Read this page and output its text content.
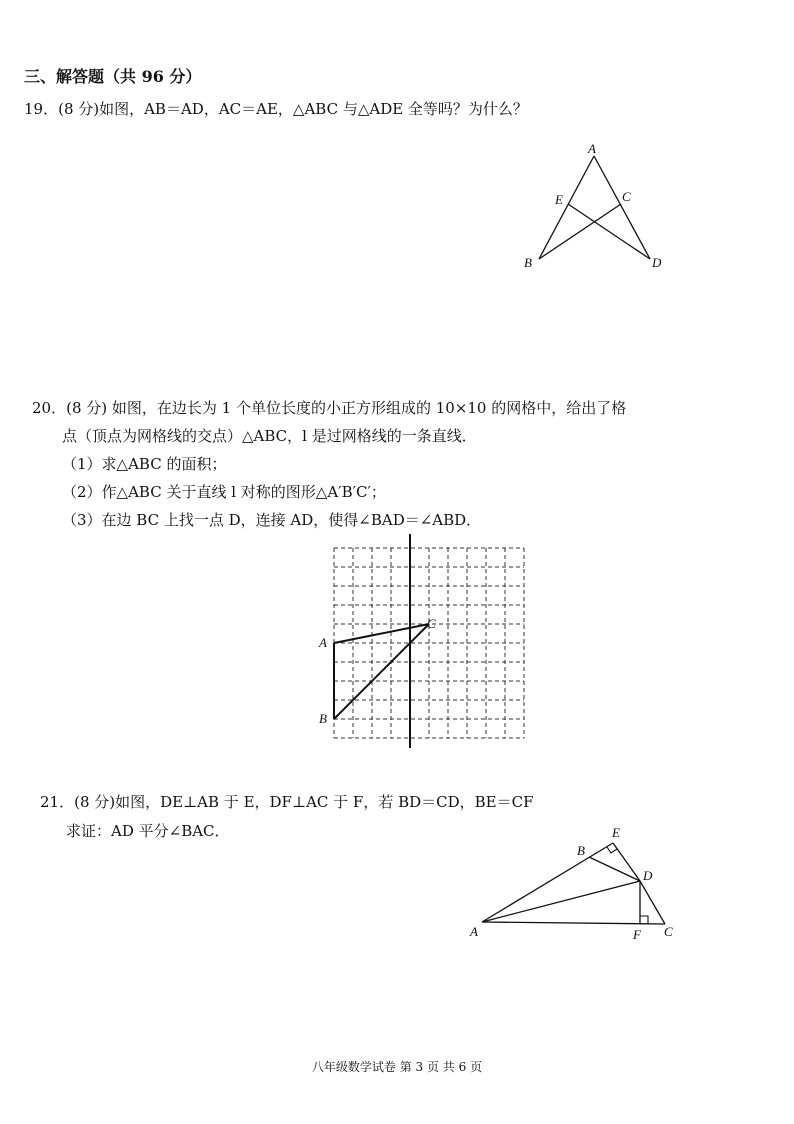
三、解答题（共 96 分）
19．(8 分)如图，AB＝AD，AC＝AE，△ABC 与△ADE 全等吗？为什么？
A
E	C
B	D
20．(8 分) 如图，在边长为 1 个单位长度的小正方形组成的 10×10 的网格中，给出了格
点（顶点为网格线的交点）△ABC，l 是过网格线的一条直线．
（1）求△ABC 的面积；
（2）作△ABC 关于直线 l 对称的图形△A′B′C′；
（3）在边 BC 上找一点 D，连接 AD，使得∠BAD＝∠ABD．
A
B
C
21．(8 分)如图，DE⊥AB 于 E，DF⊥AC 于 F，若 BD＝CD，BE＝CF
求证：AD 平分∠BAC．	E
B
D
A	F C
八年级数学试卷 第 3 页 共 6 页
